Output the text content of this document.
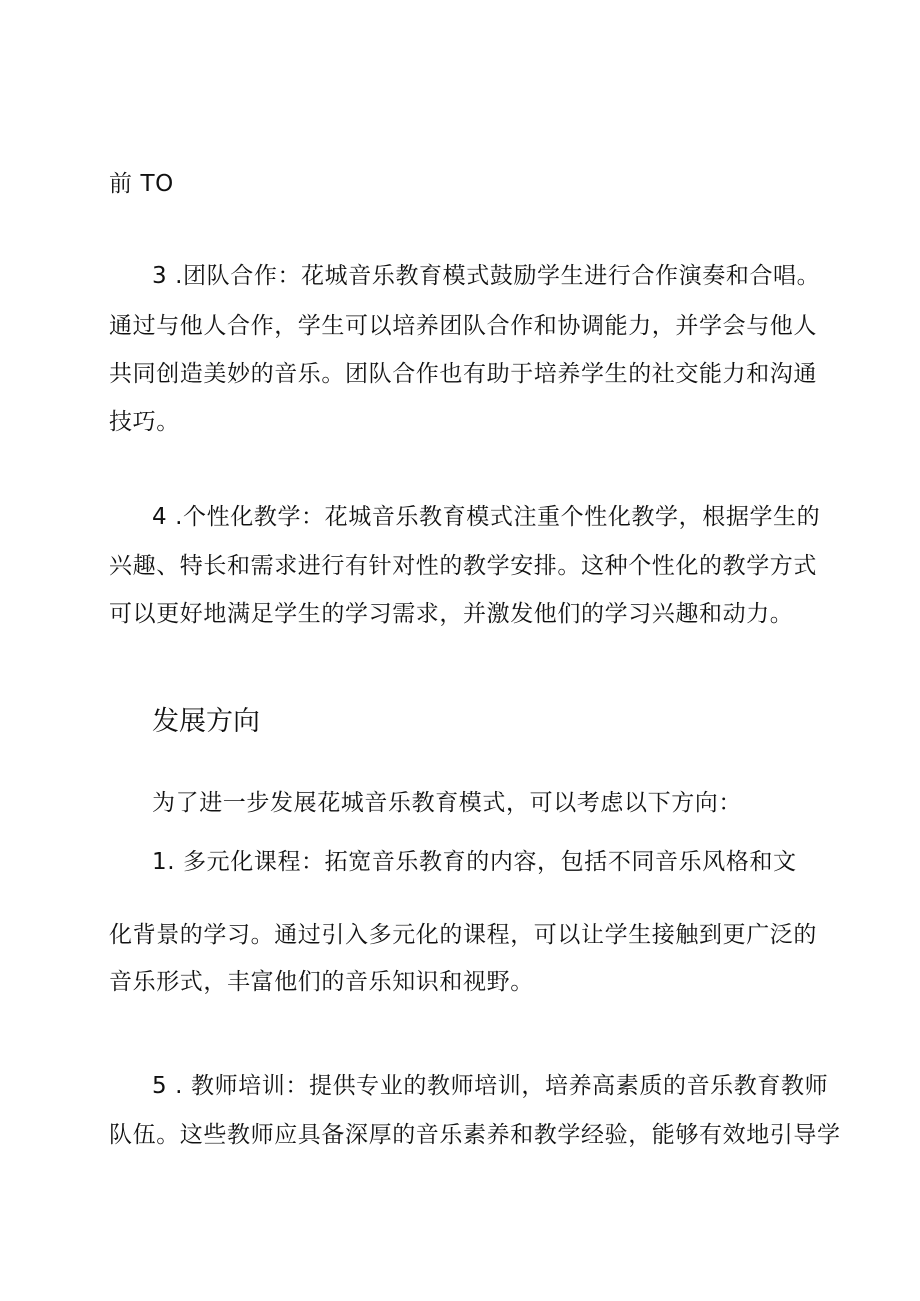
前 TO
3 .团队合作：花城音乐教育模式鼓励学生进行合作演奏和合唱。
通过与他人合作，学生可以培养团队合作和协调能力，并学会与他人
共同创造美妙的音乐。团队合作也有助于培养学生的社交能力和沟通
技巧。
4 .个性化教学：花城音乐教育模式注重个性化教学，根据学生的
兴趣、特长和需求进行有针对性的教学安排。这种个性化的教学方式
可以更好地满足学生的学习需求，并激发他们的学习兴趣和动力。
发展方向
为了进一步发展花城音乐教育模式，可以考虑以下方向：
1. 多元化课程：拓宽音乐教育的内容，包括不同音乐风格和文
化背景的学习。通过引入多元化的课程，可以让学生接触到更广泛的
音乐形式，丰富他们的音乐知识和视野。
5 . 教师培训：提供专业的教师培训，培养高素质的音乐教育教师
队伍。这些教师应具备深厚的音乐素养和教学经验，能够有效地引导学
